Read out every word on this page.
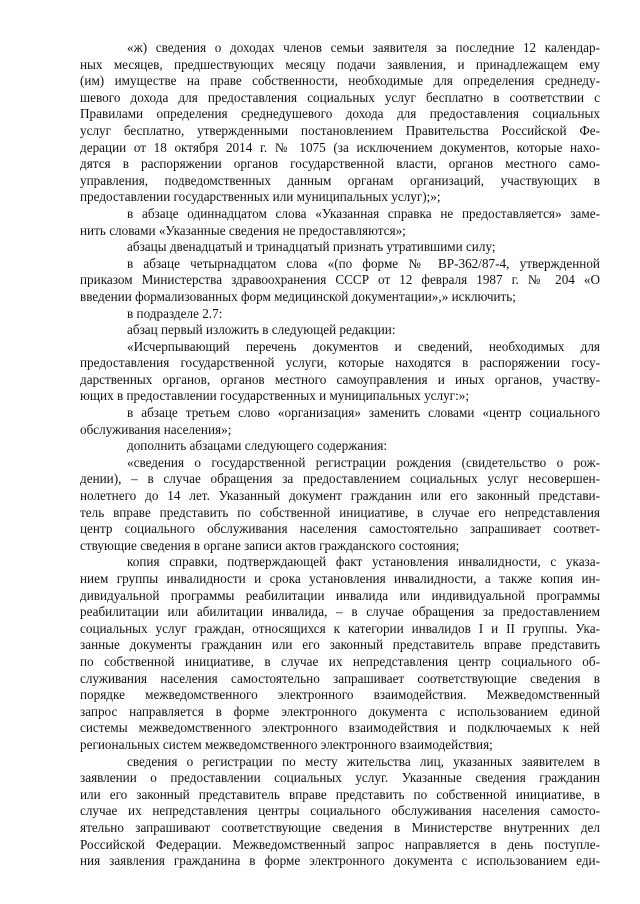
«ж) сведения о доходах членов семьи заявителя за последние 12 календар-
ных месяцев, предшествующих месяцу подачи заявления, и принадлежащем ему
(им) имуществе на праве собственности, необходимые для определения среднеду-
шевого дохода для предоставления социальных услуг бесплатно в соответствии с
Правилами определения среднедушевого дохода для предоставления социальных
услуг бесплатно, утвержденными постановлением Правительства Российской Фе-
дерации от 18 октября 2014 г. № 1075 (за исключением документов, которые нахо-
дятся в распоряжении органов государственной власти, органов местного само-
управления, подведомственных данным органам организаций, участвующих в
предоставлении государственных или муниципальных услуг);»;
в абзаце одиннадцатом слова «Указанная справка не предоставляется» заме-
нить словами «Указанные сведения не предоставляются»;
абзацы двенадцатый и тринадцатый признать утратившими силу;
в абзаце четырнадцатом слова «(по форме № ВР-362/87-4, утвержденной
приказом Министерства здравоохранения СССР от 12 февраля 1987 г. № 204 «О
введении формализованных форм медицинской документации»,» исключить;
в подразделе 2.7:
абзац первый изложить в следующей редакции:
«Исчерпывающий перечень документов и сведений, необходимых для
предоставления государственной услуги, которые находятся в распоряжении госу-
дарственных органов, органов местного самоуправления и иных органов, участву-
ющих в предоставлении государственных и муниципальных услуг:»;
в абзаце третьем слово «организация» заменить словами «центр социального
обслуживания населения»;
дополнить абзацами следующего содержания:
«сведения о государственной регистрации рождения (свидетельство о рож-
дении), – в случае обращения за предоставлением социальных услуг несовершен-
нолетнего до 14 лет. Указанный документ гражданин или его законный представи-
тель вправе представить по собственной инициативе, в случае его непредставления
центр социального обслуживания населения самостоятельно запрашивает соответ-
ствующие сведения в органе записи актов гражданского состояния;
копия справки, подтверждающей факт установления инвалидности, с указа-
нием группы инвалидности и срока установления инвалидности, а также копия ин-
дивидуальной программы реабилитации инвалида или индивидуальной программы
реабилитации или абилитации инвалида, – в случае обращения за предоставлением
социальных услуг граждан, относящихся к категории инвалидов I и II группы. Ука-
занные документы гражданин или его законный представитель вправе представить
по собственной инициативе, в случае их непредставления центр социального об-
служивания населения самостоятельно запрашивает соответствующие сведения в
порядке межведомственного электронного взаимодействия. Межведомственный
запрос направляется в форме электронного документа с использованием единой
системы межведомственного электронного взаимодействия и подключаемых к ней
региональных систем межведомственного электронного взаимодействия;
сведения о регистрации по месту жительства лиц, указанных заявителем в
заявлении о предоставлении социальных услуг. Указанные сведения гражданин
или его законный представитель вправе представить по собственной инициативе, в
случае их непредставления центры социального обслуживания населения самосто-
ятельно запрашивают соответствующие сведения в Министерстве внутренних дел
Российской Федерации. Межведомственный запрос направляется в день поступле-
ния заявления гражданина в форме электронного документа с использованием еди-
